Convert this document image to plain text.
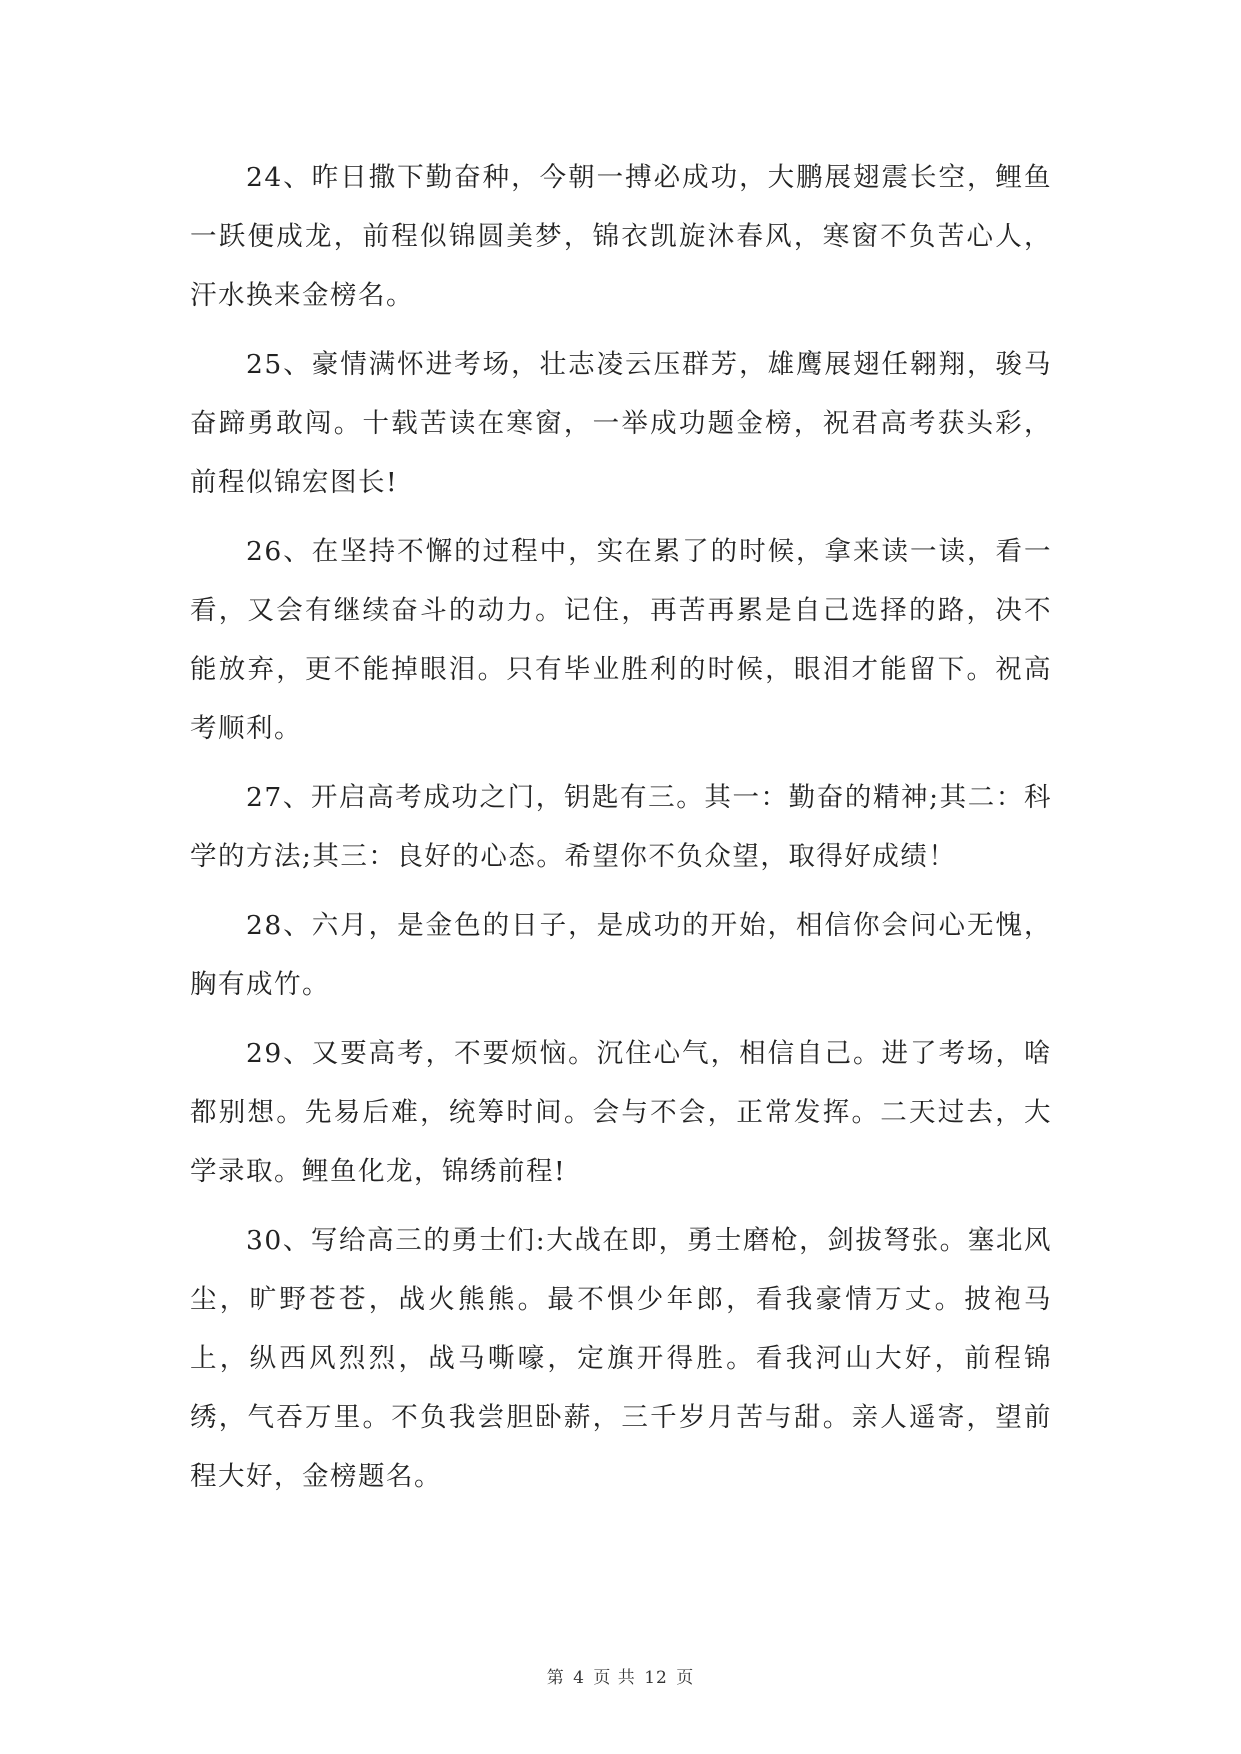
24、昨日撒下勤奋种，今朝一搏必成功，大鹏展翅震长空，鲤鱼一跃便成龙，前程似锦圆美梦，锦衣凯旋沐春风，寒窗不负苦心人，汗水换来金榜名。

25、豪情满怀进考场，壮志凌云压群芳，雄鹰展翅任翱翔，骏马奋蹄勇敢闯。十载苦读在寒窗，一举成功题金榜，祝君高考获头彩，前程似锦宏图长!

26、在坚持不懈的过程中，实在累了的时候，拿来读一读，看一看，又会有继续奋斗的动力。记住，再苦再累是自己选择的路，决不能放弃，更不能掉眼泪。只有毕业胜利的时候，眼泪才能留下。祝高考顺利。

27、开启高考成功之门，钥匙有三。其一：勤奋的精神;其二：科学的方法;其三：良好的心态。希望你不负众望，取得好成绩！

28、六月，是金色的日子，是成功的开始，相信你会问心无愧，胸有成竹。

29、又要高考，不要烦恼。沉住心气，相信自己。进了考场，啥都别想。先易后难，统筹时间。会与不会，正常发挥。二天过去，大学录取。鲤鱼化龙，锦绣前程!

30、写给高三的勇士们:大战在即，勇士磨枪，剑拔弩张。塞北风尘，旷野苍苍，战火熊熊。最不惧少年郎，看我豪情万丈。披袍马上，纵西风烈烈，战马嘶嚎，定旗开得胜。看我河山大好，前程锦绣，气吞万里。不负我尝胆卧薪，三千岁月苦与甜。亲人遥寄，望前程大好，金榜题名。

第 4 页 共 12 页
